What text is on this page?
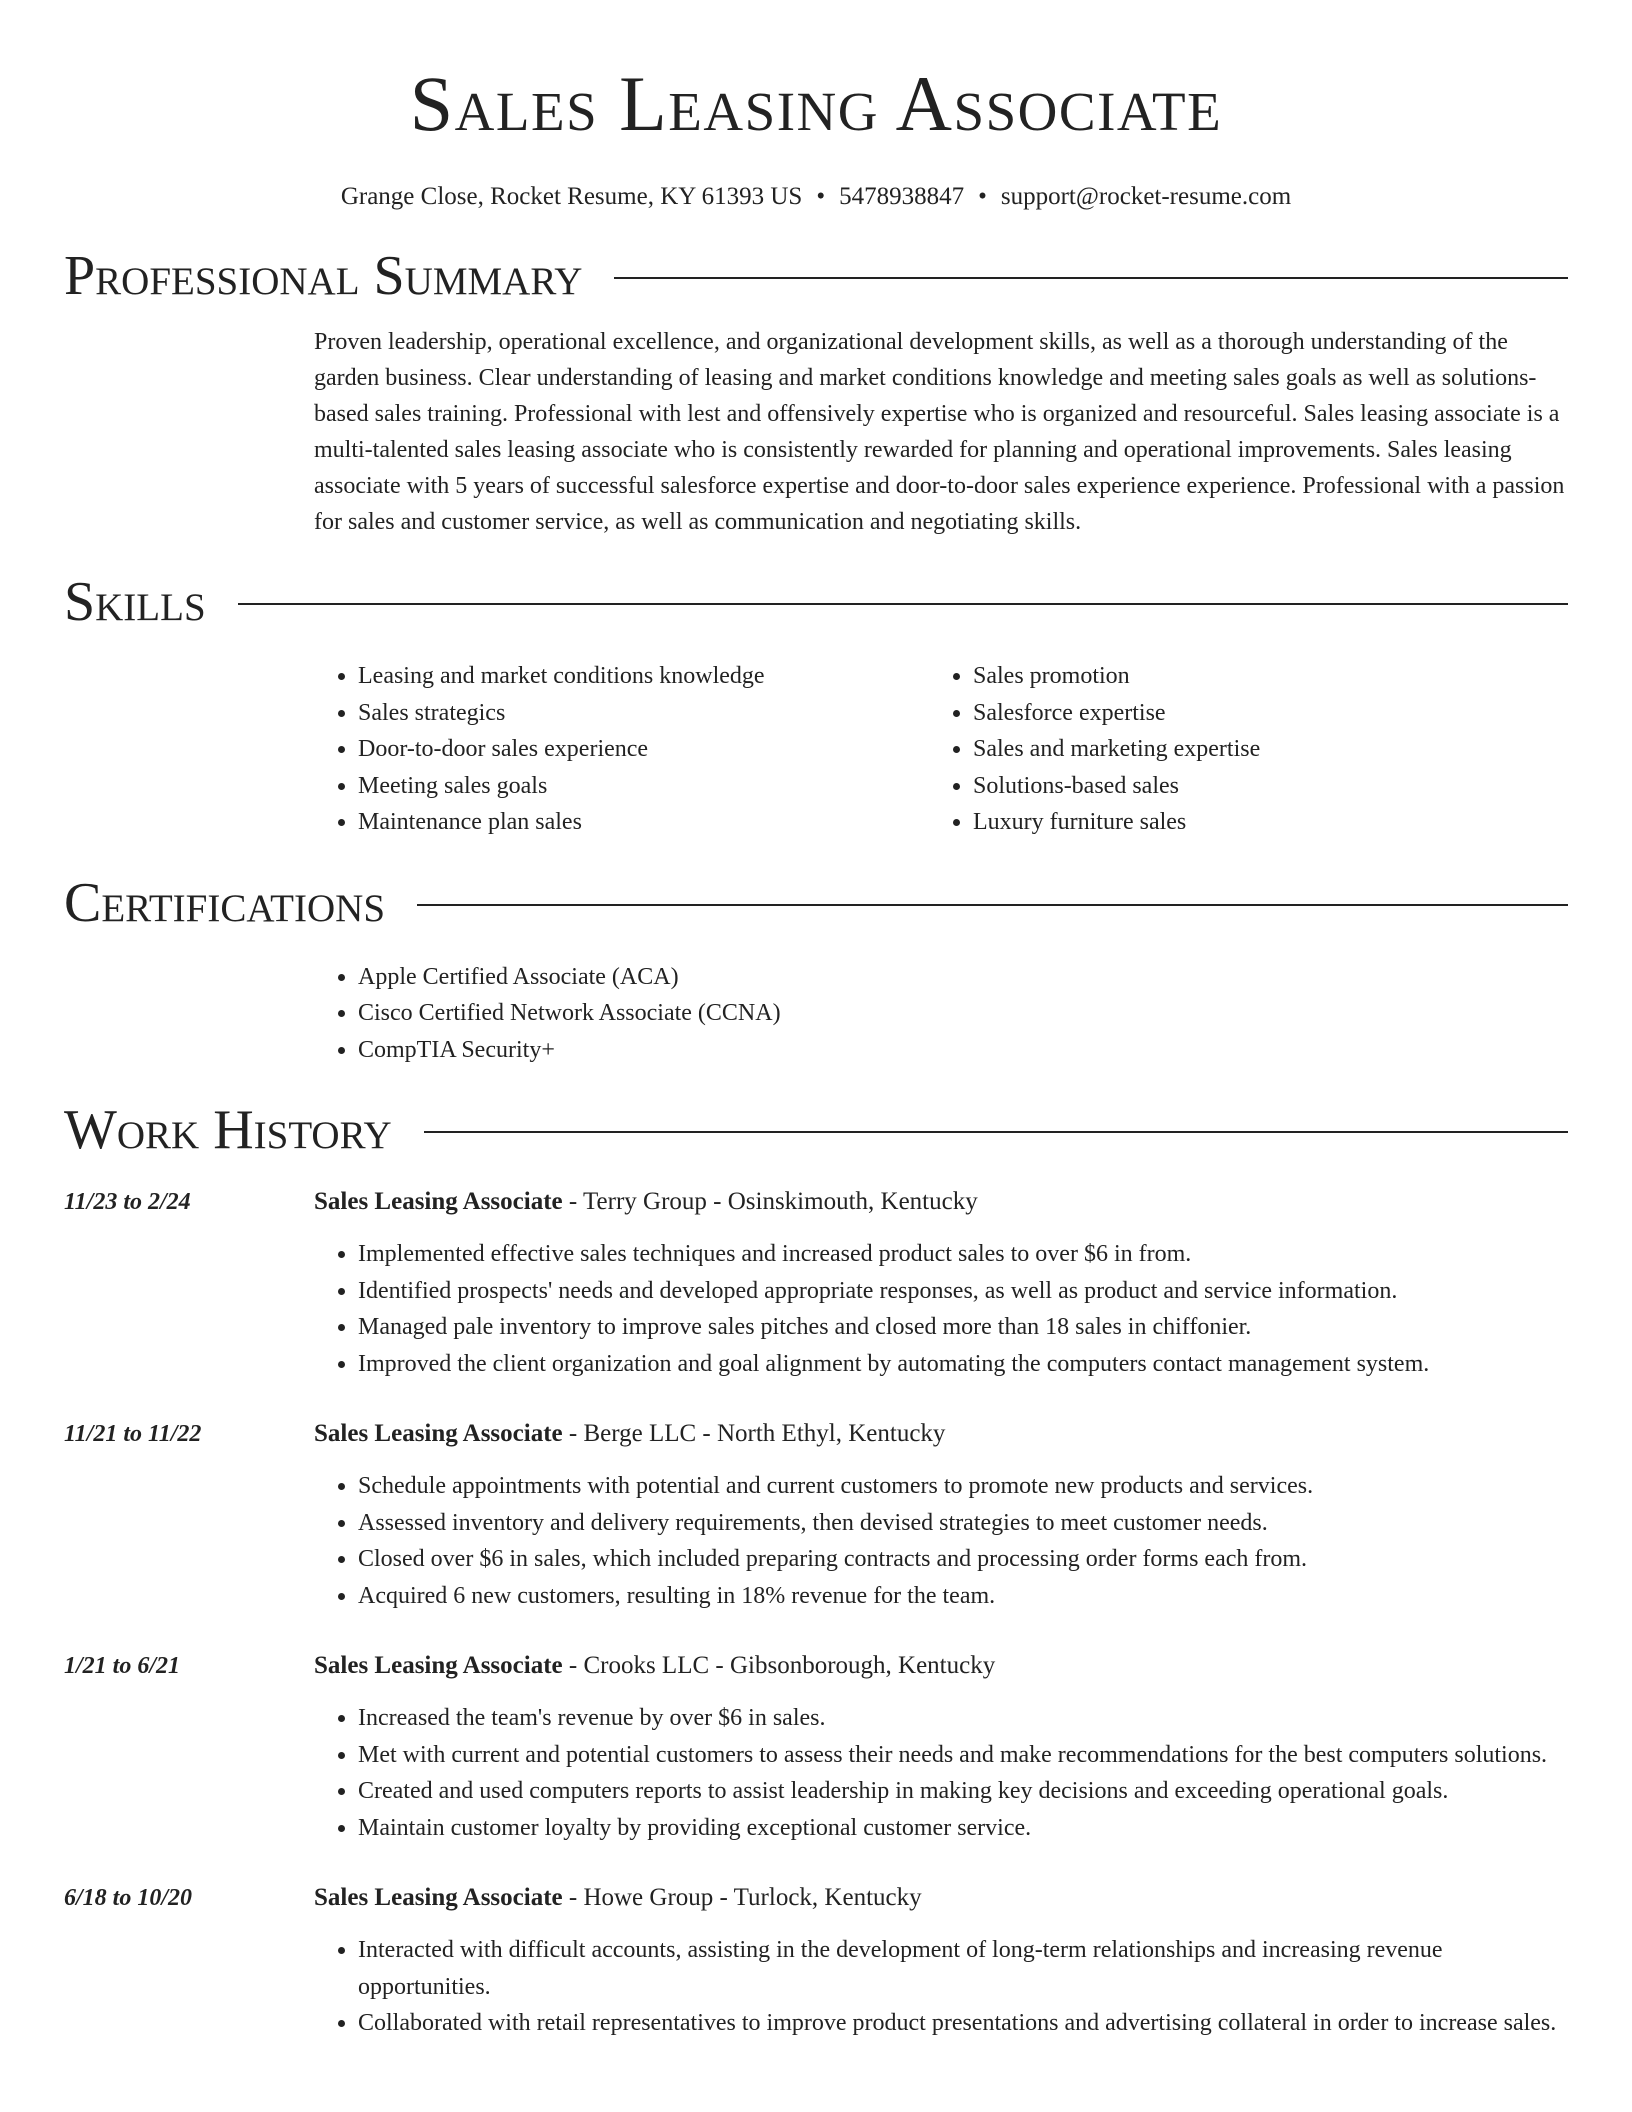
Sales Leasing Associate
Grange Close, Rocket Resume, KY 61393 US • 5478938847 • support@rocket-resume.com
Professional Summary
Proven leadership, operational excellence, and organizational development skills, as well as a thorough understanding of the garden business. Clear understanding of leasing and market conditions knowledge and meeting sales goals as well as solutions-based sales training. Professional with lest and offensively expertise who is organized and resourceful. Sales leasing associate is a multi-talented sales leasing associate who is consistently rewarded for planning and operational improvements. Sales leasing associate with 5 years of successful salesforce expertise and door-to-door sales experience experience. Professional with a passion for sales and customer service, as well as communication and negotiating skills.
Skills
• Leasing and market conditions knowledge
• Sales strategics
• Door-to-door sales experience
• Meeting sales goals
• Maintenance plan sales
• Sales promotion
• Salesforce expertise
• Sales and marketing expertise
• Solutions-based sales
• Luxury furniture sales
Certifications
• Apple Certified Associate (ACA)
• Cisco Certified Network Associate (CCNA)
• CompTIA Security+
Work History
11/23 to 2/24	Sales Leasing Associate - Terry Group - Osinskimouth, Kentucky
• Implemented effective sales techniques and increased product sales to over $6 in from.
• Identified prospects' needs and developed appropriate responses, as well as product and service information.
• Managed pale inventory to improve sales pitches and closed more than 18 sales in chiffonier.
• Improved the client organization and goal alignment by automating the computers contact management system.
11/21 to 11/22	Sales Leasing Associate - Berge LLC - North Ethyl, Kentucky
• Schedule appointments with potential and current customers to promote new products and services.
• Assessed inventory and delivery requirements, then devised strategies to meet customer needs.
• Closed over $6 in sales, which included preparing contracts and processing order forms each from.
• Acquired 6 new customers, resulting in 18% revenue for the team.
1/21 to 6/21	Sales Leasing Associate - Crooks LLC - Gibsonborough, Kentucky
• Increased the team's revenue by over $6 in sales.
• Met with current and potential customers to assess their needs and make recommendations for the best computers solutions.
• Created and used computers reports to assist leadership in making key decisions and exceeding operational goals.
• Maintain customer loyalty by providing exceptional customer service.
6/18 to 10/20	Sales Leasing Associate - Howe Group - Turlock, Kentucky
• Interacted with difficult accounts, assisting in the development of long-term relationships and increasing revenue opportunities.
• Collaborated with retail representatives to improve product presentations and advertising collateral in order to increase sales.
